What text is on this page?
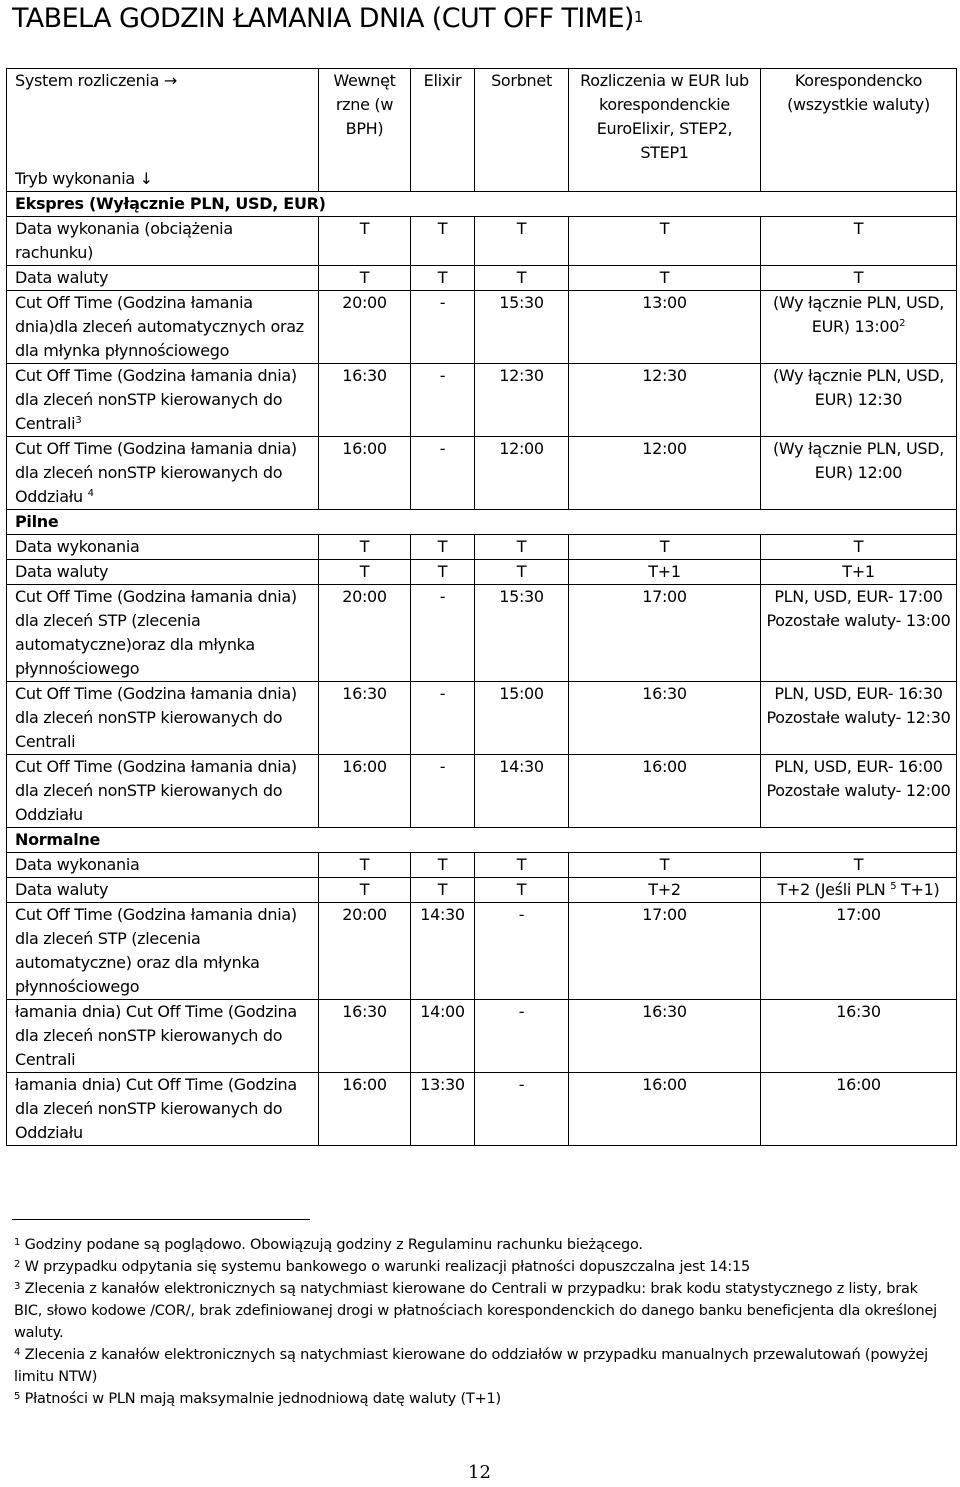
TABELA GODZIN ŁAMANIA DNIA (CUT OFF TIME)$^1$
System rozliczenia →
Tryb wykonania ↓	Wewnęt rzne (w BPH)	Elixir	Sorbnet	Rozliczenia w EUR lub korespondenckie EuroElixir, STEP2, STEP1	Korespondencko (wszystkie waluty)
Ekspres (Wyłącznie PLN, USD, EUR)					
Data wykonania (obciążenia rachunku)	T	T	T	T	T
Data waluty	T	T	T	T	T
Cut Off Time (Godzina łamania dnia)dla zleceń automatycznych oraz dla młynka płynnościowego	20:00	-	15:30	13:00	(Wy łącznie PLN, USD, EUR) $13:00^2$
Cut Off Time (Godzina łamania dnia) dla zleceń nonSTP kierowanych do Centrali$^3$	16:30	-	12:30	12:30	(Wy łącznie PLN, USD, EUR) 12:30
Cut Off Time (Godzina łamania dnia) dla zleceń nonSTP kierowanych do Oddziału $^4$	16:00	-	12:00	12:00	(Wy łącznie PLN, USD, EUR) 12:00
Pilne					
Data wykonania	T	T	T	T	T
Data waluty	T	T	T	T+1	T+1
Cut Off Time (Godzina łamania dnia) dla zleceń STP (zlecenia automatyczne)oraz dla młynka płynnościowego	20:00	-	15:30	17:00	PLN, USD, EUR- 17:00 Pozostałe waluty- 13:00
Cut Off Time (Godzina łamania dnia) dla zleceń nonSTP kierowanych do Centrali	16:30	-	15:00	16:30	PLN, USD, EUR- 16:30 Pozostałe waluty- 12:30
Cut Off Time (Godzina łamania dnia) dla zleceń nonSTP kierowanych do Oddziału	16:00	-	14:30	16:00	PLN, USD, EUR- 16:00 Pozostałe waluty- 12:00
Normalne					
Data wykonania	T	T	T	T	T
Data waluty	T	T	T	T+2	T+2 (Jeśli PLN $^5$ T+1)
Cut Off Time (Godzina łamania dnia) dla zleceń STP (zlecenia automatyczne) oraz dla młynka płynnościowego	20:00	14:30	-	17:00	17:00
łamania dnia) Cut Off Time (Godzina dla zleceń nonSTP kierowanych do Centrali	16:30	14:00	-	16:30	16:30
łamania dnia) Cut Off Time (Godzina dla zleceń nonSTP kierowanych do Oddziału	16:00	13:30	-	16:00	16:00

$^1$ Godziny podane są poglądowo. Obowiązują godziny z Regulaminu rachunku bieżącego.

$^2$ W przypadku odpytania się systemu bankowego o warunki realizacji płatności dopuszczalna jest 14:15

$^3$ Zlecenia z kanałów elektronicznych są natychmiast kierowane do Centrali w przypadku: brak kodu statystycznego z listy, brak BIC, słowo kodowe /COR/, brak zdefiniowanej drogi w płatnościach korespondenckich do danego banku beneficjenta dla określonej waluty.

$^4$ Zlecenia z kanałów elektronicznych są natychmiast kierowane do oddziałów w przypadku manualnych przewalutowań (powyżej limitu NTW)

$^5$ Płatności w PLN mają maksymalnie jednodniową datę waluty (T+1)

12
